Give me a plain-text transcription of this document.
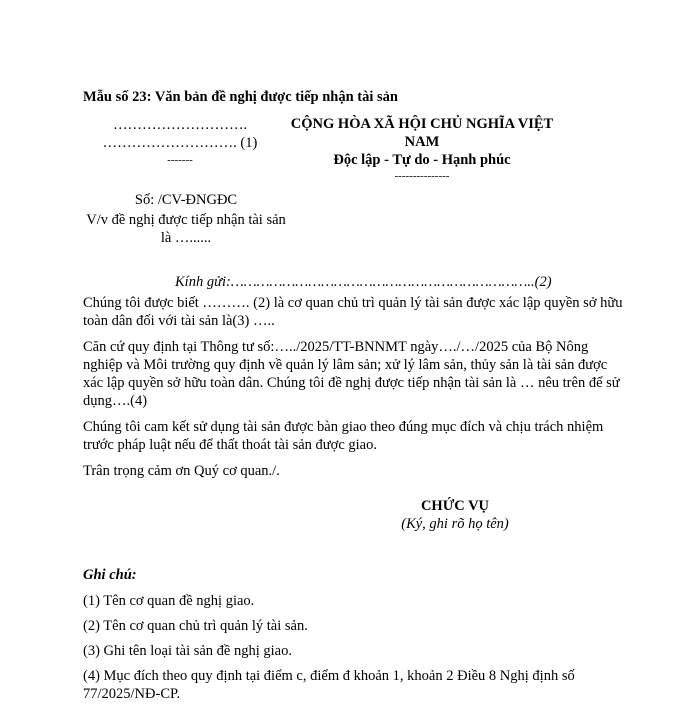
Mẫu số 23: Văn bản đề nghị được tiếp nhận tài sản
……………………….
………………………. (1)
-------
CỘNG HÒA XÃ HỘI CHỦ NGHĨA VIỆT NAM
Độc lập - Tự do - Hạnh phúc
---------------
Số: /CV-ĐNGĐC
V/v đề nghị được tiếp nhận tài sản là …......
Kính gửi:……………………………………………………………..(2)

Chúng tôi được biết ………. (2) là cơ quan chủ trì quản lý tài sản được xác lập quyền sở hữu toàn dân đối với tài sản là(3) …..

Căn cứ quy định tại Thông tư số:…../2025/TT-BNNMT ngày…./…/2025 của Bộ Nông nghiệp và Môi trường quy định về quản lý lâm sản; xử lý lâm sản, thủy sản là tài sản được xác lập quyền sở hữu toàn dân. Chúng tôi đề nghị được tiếp nhận tài sản là … nêu trên để sử dụng….(4)

Chúng tôi cam kết sử dụng tài sản được bàn giao theo đúng mục đích và chịu trách nhiệm trước pháp luật nếu để thất thoát tài sản được giao.

Trân trọng cảm ơn Quý cơ quan./.

CHỨC VỤ
(Ký, ghi rõ họ tên)
Ghi chú:
(1) Tên cơ quan đề nghị giao.
(2) Tên cơ quan chủ trì quản lý tài sản.
(3) Ghi tên loại tài sản đề nghị giao.
(4) Mục đích theo quy định tại điểm c, điểm đ khoản 1, khoản 2 Điều 8 Nghị định số 77/2025/NĐ-CP.
